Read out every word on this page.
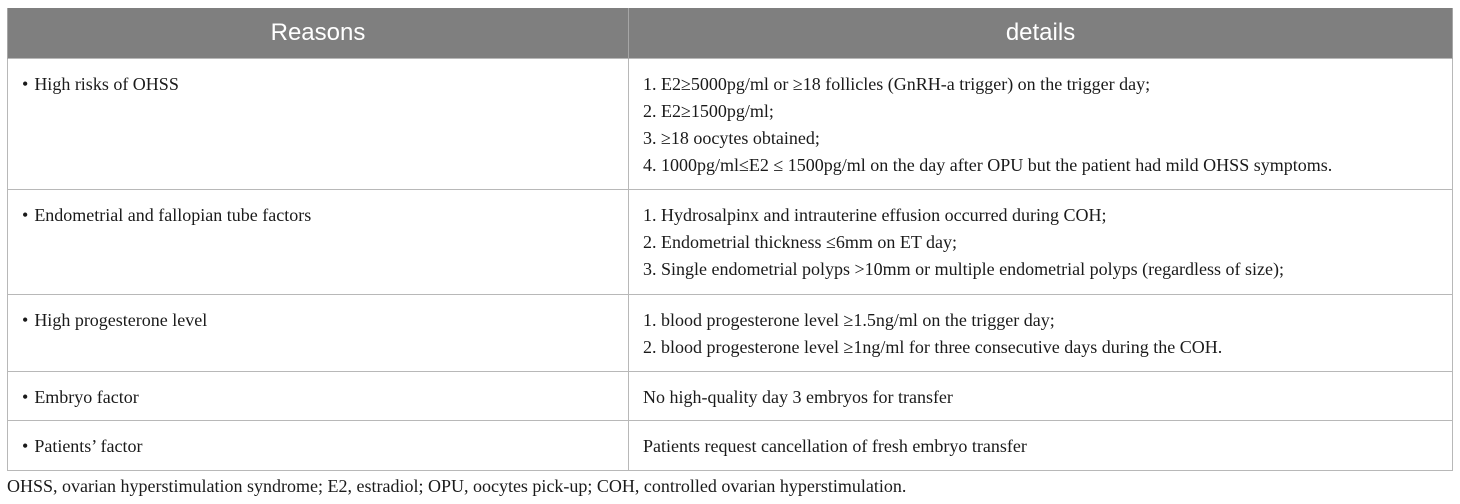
Reasons	details
• High risks of OHSS	1. E2≥5000pg/ml or ≥18 follicles (GnRH-a trigger) on the trigger day;
2. E2≥1500pg/ml;
3. ≥18 oocytes obtained;
4. 1000pg/ml≤E2 ≤ 1500pg/ml on the day after OPU but the patient had mild OHSS symptoms.

• Endometrial and fallopian tube factors	1. Hydrosalpinx and intrauterine effusion occurred during COH;
2. Endometrial thickness ≤6mm on ET day;
3. Single endometrial polyps >10mm or multiple endometrial polyps (regardless of size);

• High progesterone level	1. blood progesterone level ≥1.5ng/ml on the trigger day;
2. blood progesterone level ≥1ng/ml for three consecutive days during the COH.

• Embryo factor	No high-quality day 3 embryos for transfer

• Patients’ factor	Patients request cancellation of fresh embryo transfer
OHSS, ovarian hyperstimulation syndrome; E2, estradiol; OPU, oocytes pick-up; COH, controlled ovarian hyperstimulation.
